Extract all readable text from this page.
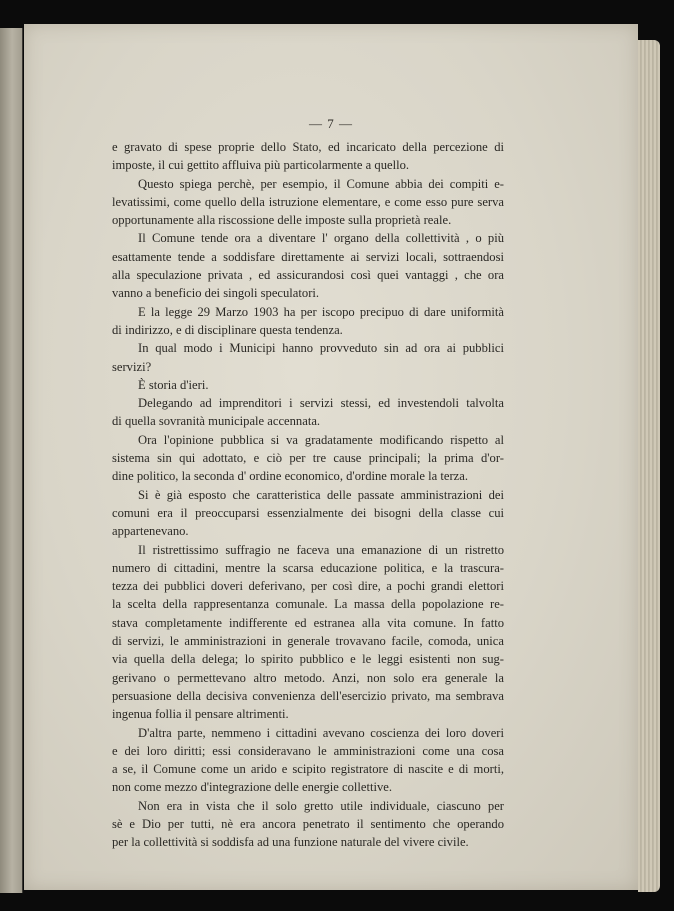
— 7 —
e gravato di spese proprie dello Stato, ed incaricato della percezione di
imposte, il cui gettito affluiva più particolarmente a quello.
Questo spiega perchè, per esempio, il Comune abbia dei compiti e-
levatissimi, come quello della istruzione elementare, e come esso pure serva
opportunamente alla riscossione delle imposte sulla proprietà reale.
Il Comune tende ora a diventare l' organo della collettività , o più
esattamente tende a soddisfare direttamente ai servizi locali, sottraendosi
alla speculazione privata , ed assicurandosi così quei vantaggi , che ora
vanno a beneficio dei singoli speculatori.
E la legge 29 Marzo 1903 ha per iscopo precipuo di dare uniformità
di indirizzo, e di disciplinare questa tendenza.
In qual modo i Municipi hanno provveduto sin ad ora ai pubblici
servizi?
È storia d'ieri.
Delegando ad imprenditori i servizi stessi, ed investendoli talvolta
di quella sovranità municipale accennata.
Ora l'opinione pubblica si va gradatamente modificando rispetto al
sistema sin qui adottato, e ciò per tre cause principali; la prima d'or-
dine politico, la seconda d' ordine economico, d'ordine morale la terza.
Si è già esposto che caratteristica delle passate amministrazioni dei
comuni era il preoccuparsi essenzialmente dei bisogni della classe cui
appartenevano.
Il ristrettissimo suffragio ne faceva una emanazione di un ristretto
numero di cittadini, mentre la scarsa educazione politica, e la trascura-
tezza dei pubblici doveri deferivano, per così dire, a pochi grandi elettori
la scelta della rappresentanza comunale. La massa della popolazione re-
stava completamente indifferente ed estranea alla vita comune. In fatto
di servizi, le amministrazioni in generale trovavano facile, comoda, unica
via quella della delega; lo spirito pubblico e le leggi esistenti non sug-
gerivano o permettevano altro metodo. Anzi, non solo era generale la
persuasione della decisiva convenienza dell'esercizio privato, ma sembrava
ingenua follia il pensare altrimenti.
D'altra parte, nemmeno i cittadini avevano coscienza dei loro doveri
e dei loro diritti; essi consideravano le amministrazioni come una cosa
a se, il Comune come un arido e scipito registratore di nascite e di morti,
non come mezzo d'integrazione delle energie collettive.
Non era in vista che il solo gretto utile individuale, ciascuno per
sè e Dio per tutti, nè era ancora penetrato il sentimento che operando
per la collettività si soddisfa ad una funzione naturale del vivere civile.
